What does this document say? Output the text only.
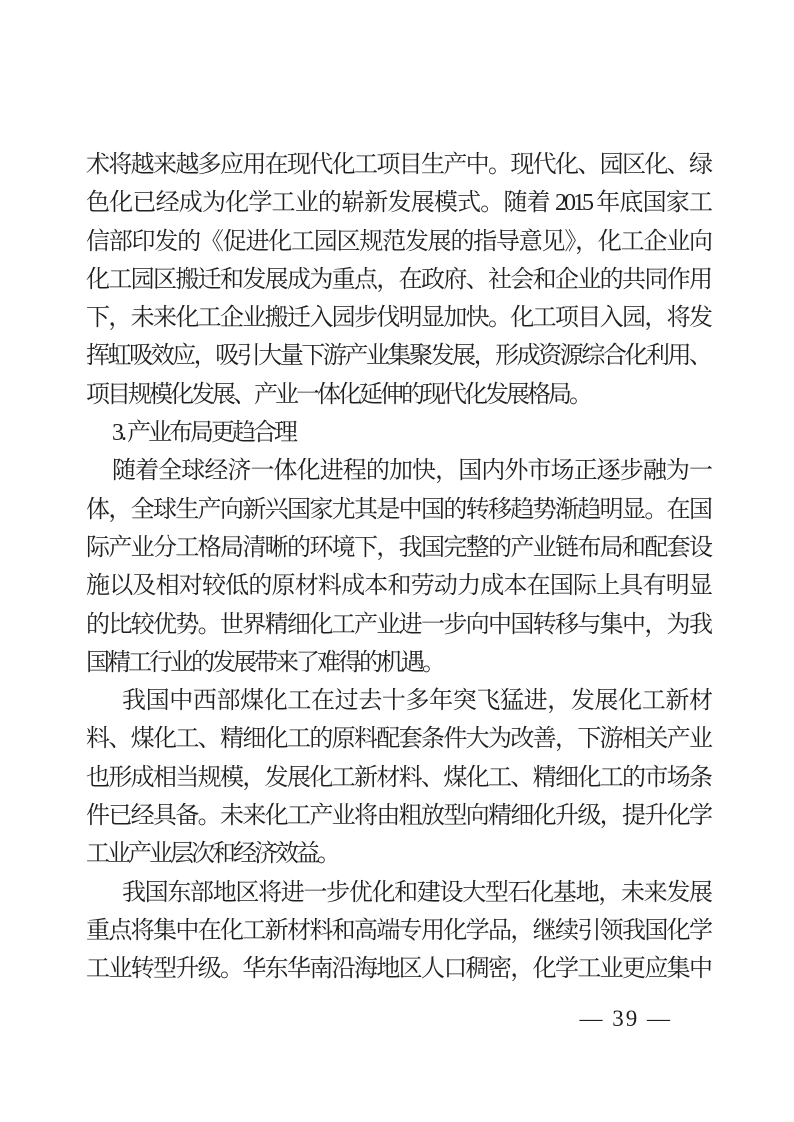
术将越来越多应用在现代化工项目生产中。现代化、园区化、绿
色化已经成为化学工业的崭新发展模式。随着 2015 年底国家工
信部印发的《促进化工园区规范发展的指导意见》，化工企业向
化工园区搬迁和发展成为重点，在政府、社会和企业的共同作用
下，未来化工企业搬迁入园步伐明显加快。化工项目入园，将发
挥虹吸效应，吸引大量下游产业集聚发展，形成资源综合化利用、
项目规模化发展、产业一体化延伸的现代化发展格局。
3. 产业布局更趋合理
随着全球经济一体化进程的加快，国内外市场正逐步融为一
体，全球生产向新兴国家尤其是中国的转移趋势渐趋明显。在国
际产业分工格局清晰的环境下，我国完整的产业链布局和配套设
施以及相对较低的原材料成本和劳动力成本在国际上具有明显
的比较优势。世界精细化工产业进一步向中国转移与集中，为我
国精工行业的发展带来了难得的机遇。
我国中西部煤化工在过去十多年突飞猛进，发展化工新材
料、煤化工、精细化工的原料配套条件大为改善，下游相关产业
也形成相当规模，发展化工新材料、煤化工、精细化工的市场条
件已经具备。未来化工产业将由粗放型向精细化升级，提升化学
工业产业层次和经济效益。
我国东部地区将进一步优化和建设大型石化基地，未来发展
重点将集中在化工新材料和高端专用化学品，继续引领我国化学
工业转型升级。华东华南沿海地区人口稠密，化学工业更应集中
— 39 —
